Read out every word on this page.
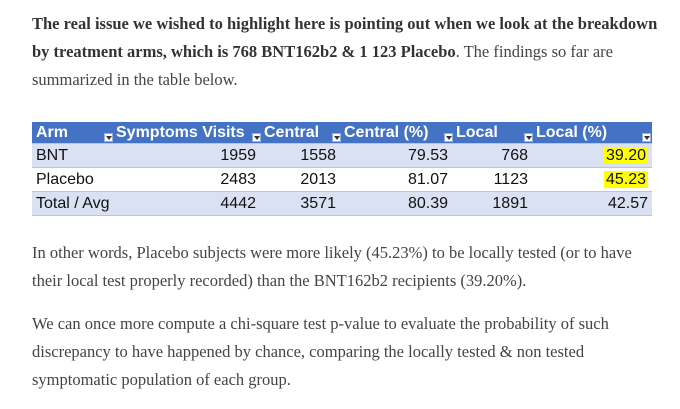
The real issue we wished to highlight here is pointing out when we look at the breakdown by treatment arms, which is 768 BNT162b2 & 1 123 Placebo. The findings so far are summarized in the table below.

Arm	Symptoms Visits	Central	Central (%)	Local	Local (%)

BNT	1959	1558	79.53	768	39.20
Placebo	2483	2013	81.07	1123	45.23
Total / Avg	4442	3571	80.39	1891	42.57

In other words, Placebo subjects were more likely (45.23%) to be locally tested (or to have their local test properly recorded) than the BNT162b2 recipients (39.20%).

We can once more compute a chi-square test p-value to evaluate the probability of such discrepancy to have happened by chance, comparing the locally tested & non tested symptomatic population of each group.
